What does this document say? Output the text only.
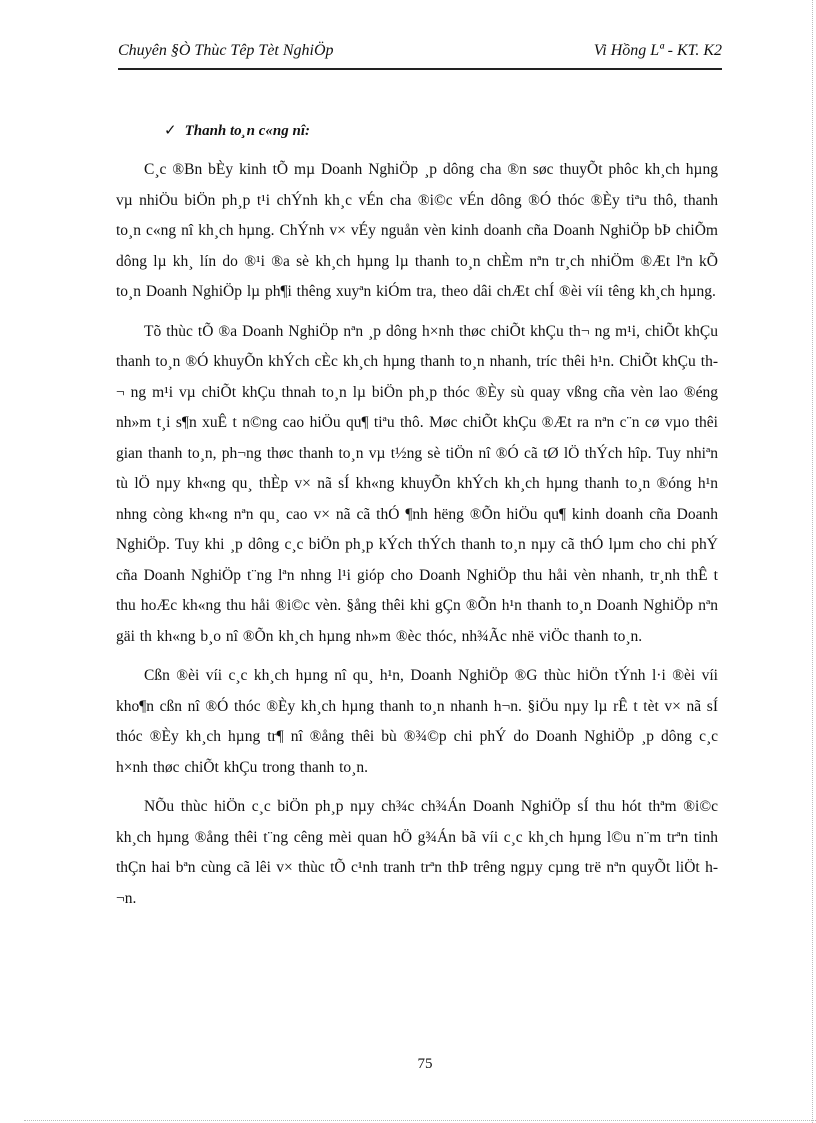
Chuyên §Ò Thùc Têp Tèt NghiÖp	Vi Hồng Lª - KT. K2
✓ Thanh to¸n c«ng nî:

C¸c ®Bn bÈy kinh tÕ mµ Doanh NghiÖp ¸p dông cha ®n søc thuyÕt phôc kh¸ch hµng vµ nhiÖu biÖn ph¸p t¹i chÝnh kh¸c vÉn cha ®i©c vÉn dông ®Ó thóc ®Èy tiªu thô, thanh to¸n c«ng nî kh¸ch hµng. ChÝnh v× vÉy nguån vèn kinh doanh cña Doanh NghiÖp bÞ chiÕm dông lµ kh¸ lín do ®¹i ®a sè kh¸ch hµng lµ thanh to¸n chÈm nªn tr¸ch nhiÖm ®Æt lªn kÕ to¸n Doanh NghiÖp lµ ph¶i thêng xuyªn kiÓm tra, theo dâi chÆt chÍ ®èi víi têng kh¸ch hµng.

Tõ thùc tÕ ®a Doanh NghiÖp nªn ¸p dông h×nh thøc chiÕt khÇu th¬ ng m¹i, chiÕt khÇu thanh to¸n ®Ó khuyÕn khÝch cÈc kh¸ch hµng thanh to¸n nhanh, tríc thêi h¹n. ChiÕt khÇu th¬ ng m¹i vµ chiÕt khÇu thnah to¸n lµ biÖn ph¸p thóc ®Èy sù quay vßng cña vèn lao ®éng nh»m t¸i s¶n xuÊ t n©ng cao hiÖu qu¶ tiªu thô. Møc chiÕt khÇu ®Æt ra nªn c¨n cø vµo thêi gian thanh to¸n, ph¬ng thøc thanh to¸n vµ t½ng sè tiÖn nî ®Ó cã tØ lÖ thÝch hîp. Tuy nhiªn tù lÖ nµy kh«ng qu¸ thÈp v× nã sÍ kh«ng khuyÕn khÝch kh¸ch hµng thanh to¸n ®óng h¹n nhng còng kh«ng nªn qu¸ cao v× nã cã thÓ ¶nh hëng ®Õn hiÖu qu¶ kinh doanh cña Doanh NghiÖp. Tuy khi ¸p dông c¸c biÖn ph¸p kÝch thÝch thanh to¸n nµy cã thÓ lµm cho chi phÝ cña Doanh NghiÖp t¨ng lªn nhng l¹i gióp cho Doanh NghiÖp thu håi vèn nhanh, tr¸nh thÊ t thu hoÆc kh«ng thu håi ®i©c vèn. §ång thêi khi gÇn ®Õn h¹n thanh to¸n Doanh NghiÖp nªn gäi th kh«ng b¸o nî ®Õn kh¸ch hµng nh»m ®èc thóc, nh¾Ãc nhë viÖc thanh to¸n.

Cßn ®èi víi c¸c kh¸ch hµng nî qu¸ h¹n, Doanh NghiÖp ®G thùc hiÖn tÝnh l·i ®èi víi kho¶n cßn nî ®Ó thóc ®Èy kh¸ch hµng thanh to¸n nhanh h¬n. §iÖu nµy lµ rÊ t tèt v× nã sÍ thóc ®Èy kh¸ch hµng tr¶ nî ®ång thêi bù ®¾©p chi phÝ do Doanh NghiÖp ¸p dông c¸c h×nh thøc chiÕt khÇu trong thanh to¸n.

NÕu thùc hiÖn c¸c biÖn ph¸p nµy ch¾c ch¾Án Doanh NghiÖp sÍ thu hót thªm ®i©c kh¸ch hµng ®ång thêi t¨ng cêng mèi quan hÖ g¾Án bã víi c¸c kh¸ch hµng l©u n¨m trªn tinh thÇn hai bªn cùng cã lêi v× thùc tÕ c¹nh tranh trªn thÞ trêng ngµy cµng trë nªn quyÕt liÖt h¬n.

75
